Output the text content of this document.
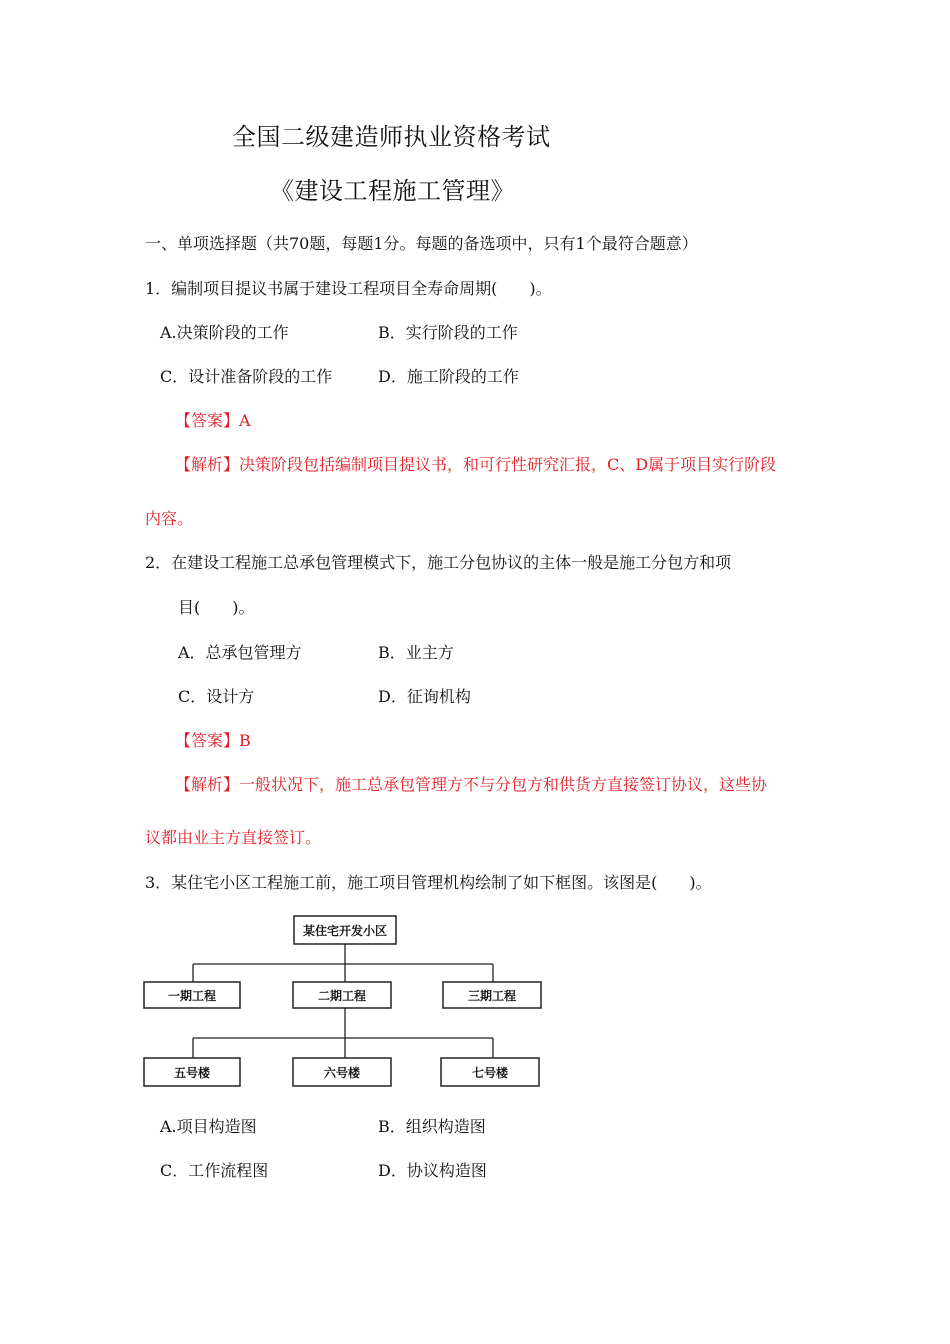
全国二级建造师执业资格考试
《建设工程施工管理》
一、单项选择题（共70题，每题1分。每题的备选项中，只有1个最符合题意）
1．编制项目提议书属于建设工程项目全寿命周期(　　)。
A.决策阶段的工作	B．实行阶段的工作
C．设计准备阶段的工作	D．施工阶段的工作
【答案】A
【解析】决策阶段包括编制项目提议书，和可行性研究汇报，C、D属于项目实行阶段
内容。
2．在建设工程施工总承包管理模式下，施工分包协议的主体一般是施工分包方和项
目(　　)。
A．总承包管理方	B．业主方
C．设计方	D．征询机构
【答案】B
【解析】一般状况下，施工总承包管理方不与分包方和供货方直接签订协议，这些协
议都由业主方直接签订。
3．某住宅小区工程施工前，施工项目管理机构绘制了如下框图。该图是(　　)。
某住宅开发小区
一期工程	二期工程	三期工程
五号楼	六号楼	七号楼
A.项目构造图	B．组织构造图
C．工作流程图	D．协议构造图
